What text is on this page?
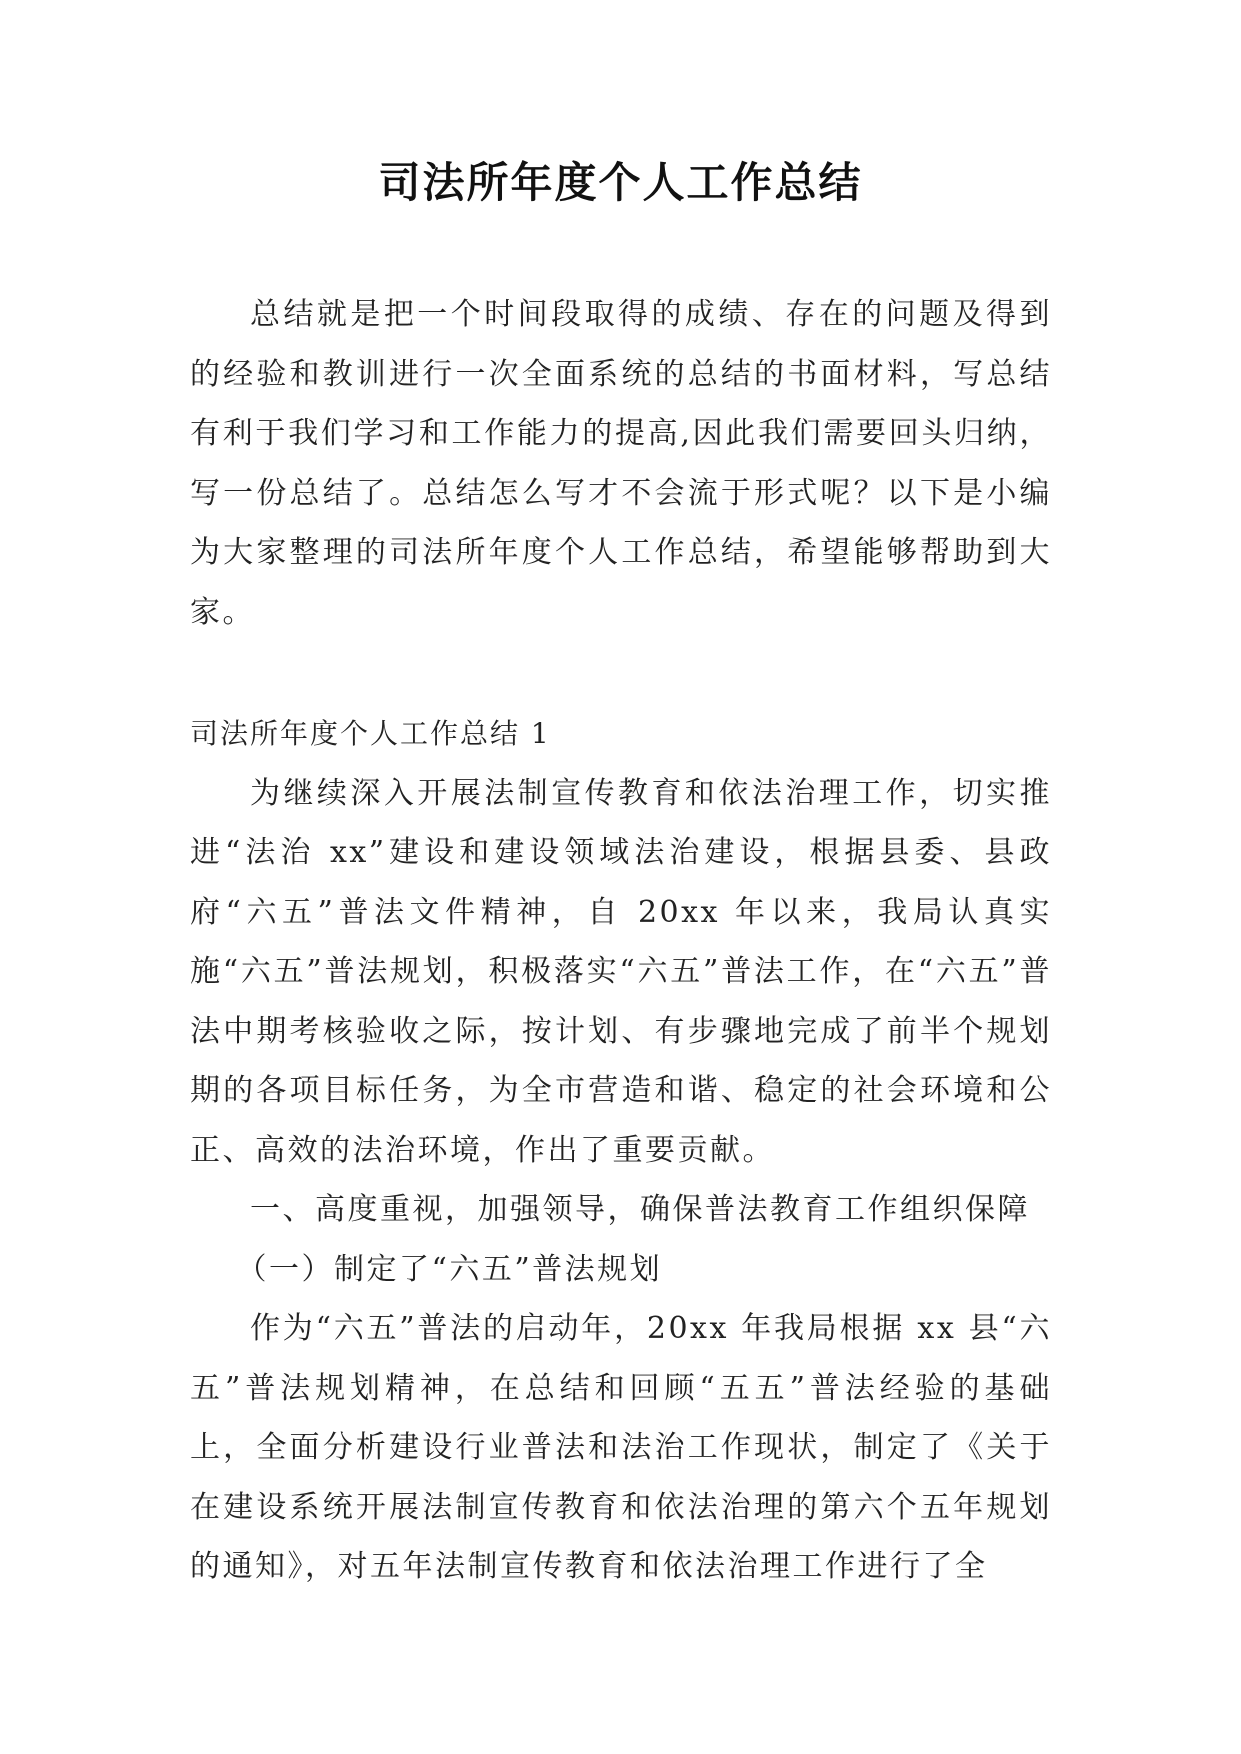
司法所年度个人工作总结

总结就是把一个时间段取得的成绩、存在的问题及得到的经验和教训进行一次全面系统的总结的书面材料，写总结有利于我们学习和工作能力的提高,因此我们需要回头归纳，写一份总结了。总结怎么写才不会流于形式呢？以下是小编为大家整理的司法所年度个人工作总结，希望能够帮助到大家。

司法所年度个人工作总结 1

为继续深入开展法制宣传教育和依法治理工作，切实推进“法治 xx”建设和建设领域法治建设，根据县委、县政府“六五”普法文件精神，自 20xx 年以来，我局认真实施“六五”普法规划，积极落实“六五”普法工作，在“六五”普法中期考核验收之际，按计划、有步骤地完成了前半个规划期的各项目标任务，为全市营造和谐、稳定的社会环境和公正、高效的法治环境，作出了重要贡献。

一、高度重视，加强领导，确保普法教育工作组织保障

（一）制定了“六五”普法规划

作为“六五”普法的启动年，20xx 年我局根据 xx 县“六五”普法规划精神，在总结和回顾“五五”普法经验的基础上，全面分析建设行业普法和法治工作现状，制定了《关于在建设系统开展法制宣传教育和依法治理的第六个五年规划的通知》，对五年法制宣传教育和依法治理工作进行了全
